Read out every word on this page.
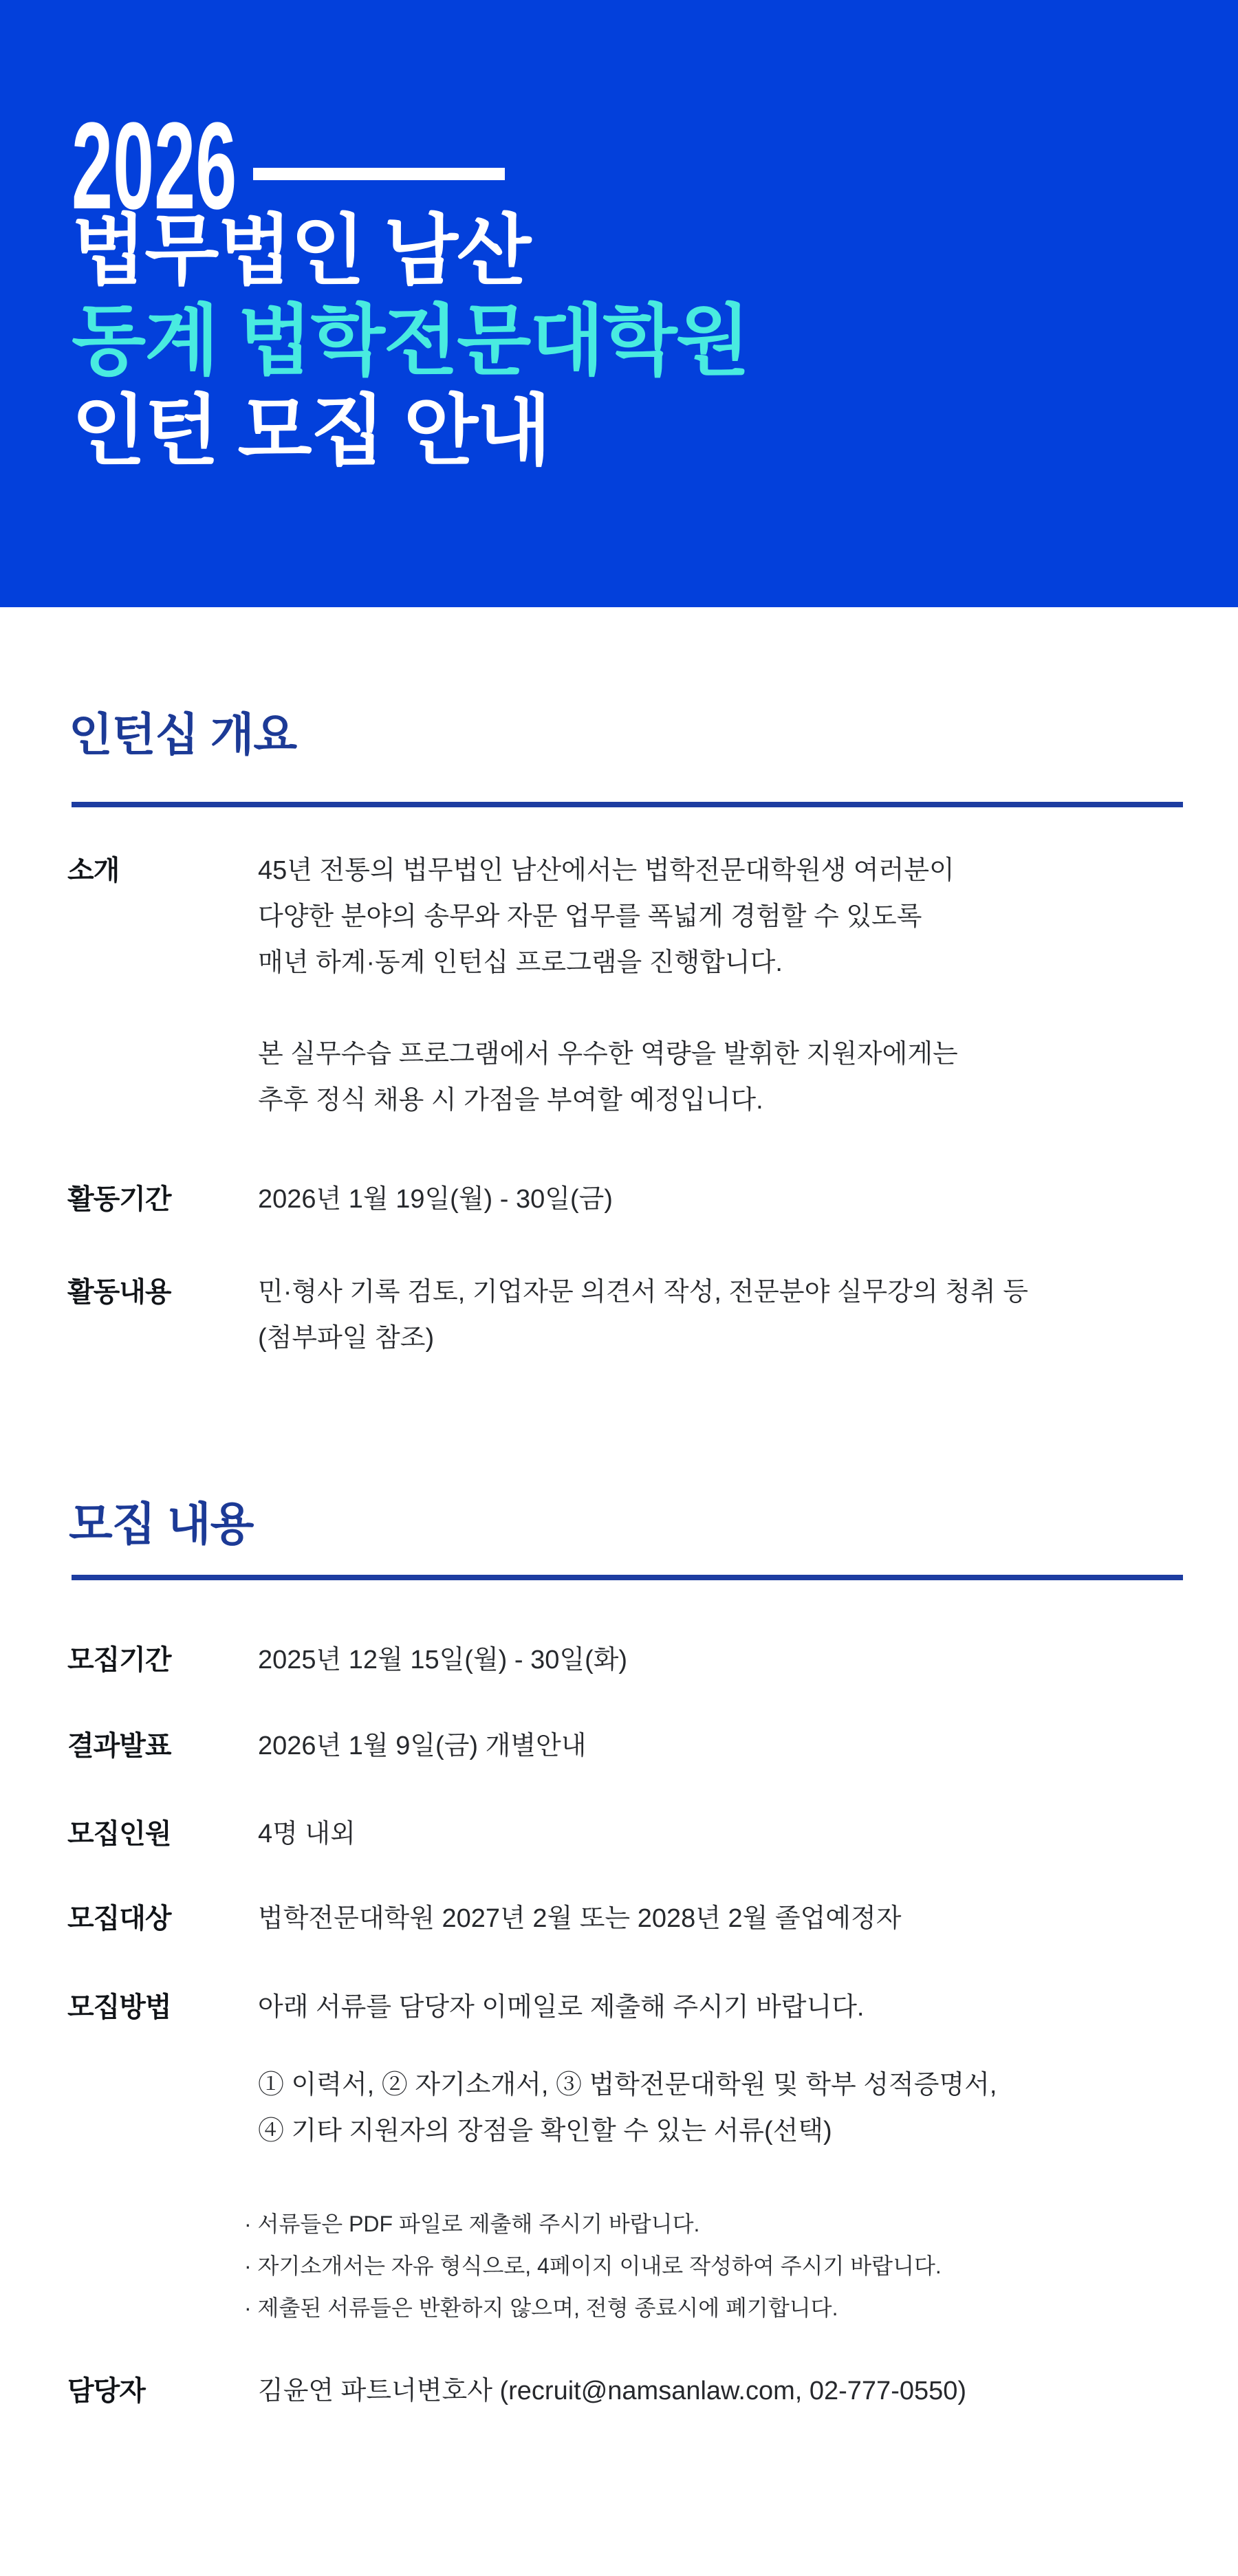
2026
법무법인 남산
동계 법학전문대학원
인턴 모집 안내
인턴십 개요
소개	45년 전통의 법무법인 남산에서는 법학전문대학원생 여러분이
다양한 분야의 송무와 자문 업무를 폭넓게 경험할 수 있도록
매년 하계·동계 인턴십 프로그램을 진행합니다.
본 실무수습 프로그램에서 우수한 역량을 발휘한 지원자에게는
추후 정식 채용 시 가점을 부여할 예정입니다.
활동기간	2026년 1월 19일(월) - 30일(금)
활동내용	민·형사 기록 검토, 기업자문 의견서 작성, 전문분야 실무강의 청취 등
(첨부파일 참조)
모집 내용
모집기간	2025년 12월 15일(월) - 30일(화)
결과발표	2026년 1월 9일(금) 개별안내
모집인원	4명 내외
모집대상	법학전문대학원 2027년 2월 또는 2028년 2월 졸업예정자
모집방법	아래 서류를 담당자 이메일로 제출해 주시기 바랍니다.
① 이력서, ② 자기소개서, ③ 법학전문대학원 및 학부 성적증명서,
④ 기타 지원자의 장점을 확인할 수 있는 서류(선택)
· 서류들은 PDF 파일로 제출해 주시기 바랍니다.
· 자기소개서는 자유 형식으로, 4페이지 이내로 작성하여 주시기 바랍니다.
· 제출된 서류들은 반환하지 않으며, 전형 종료시에 폐기합니다.
담당자	김윤연 파트너변호사 (recruit@namsanlaw.com, 02-777-0550)
